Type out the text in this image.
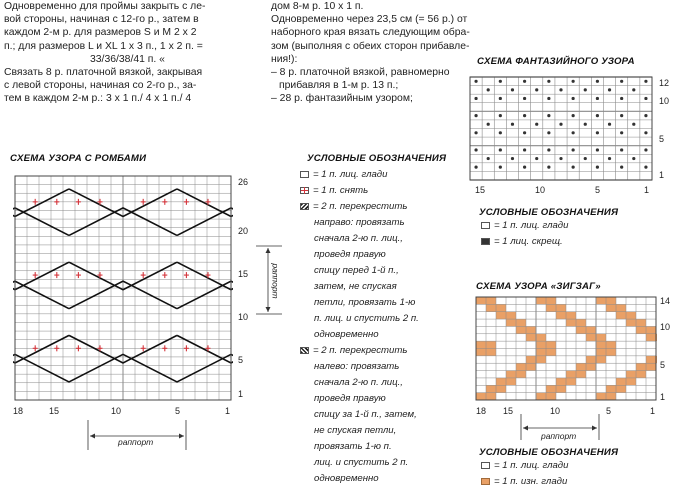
Одновременно для проймы закрыть с ле-

вой стороны, начиная с 12-го р., затем в

каждом 2-м р. для размеров S и M 2 х 2

п.; для размеров L и XL 1 х 3 п., 1 х 2 п. =

33/36/38/41 п. «

Связать 8 р. платочной вязкой, закрывая

с левой стороны, начиная со 2-го р., за-

тем в каждом 2-м р.: 3 х 1 п./ 4 х 1 п./ 4

дом 8-м р. 10 х 1 п.

Одновременно через 23,5 см (= 56 р.) от

наборного края вязать следующим обра-

зом (выполняя с обеих сторон прибавле-

ния!):

– 8 р. платочной вязкой, равномерно

прибавляя в 1-м р. 13 п.;

– 28 р. фантазийным узором;

СХЕМА УЗОРА С РОМБАМИ
26
20
15
10
5
1
18	15	10	5	1
раппорт
раппорт
УСЛОВНЫЕ ОБОЗНАЧЕНИЯ
= 1 п. лиц. глади
= 1 п. снять
= 2 п. перекрестить
направо: провязать
сначала 2-ю п. лиц.,
проведя правую
спицу перед 1-й п.,
затем, не спуская
петли, провязать 1-ю
п. лиц. и спустить 2 п.
одновременно
= 2 п. перекрестить
налево: провязать
сначала 2-ю п. лиц.,
проведя правую
спицу за 1-й п., затем,
не спуская петли,
провязать 1-ю п.
лиц. и спустить 2 п.
одновременно
СХЕМА ФАНТАЗИЙНОГО УЗОРА
12
10
5
1
15	10	5	1
УСЛОВНЫЕ ОБОЗНАЧЕНИЯ
= 1 п. лиц. глади
= 1 лиц. скрещ.
СХЕМА УЗОРА «ЗИГЗАГ»
14
10
5
1
18 15	10	5	1
раппорт
УСЛОВНЫЕ ОБОЗНАЧЕНИЯ
= 1 п. лиц. глади
= 1 п. изн. глади
